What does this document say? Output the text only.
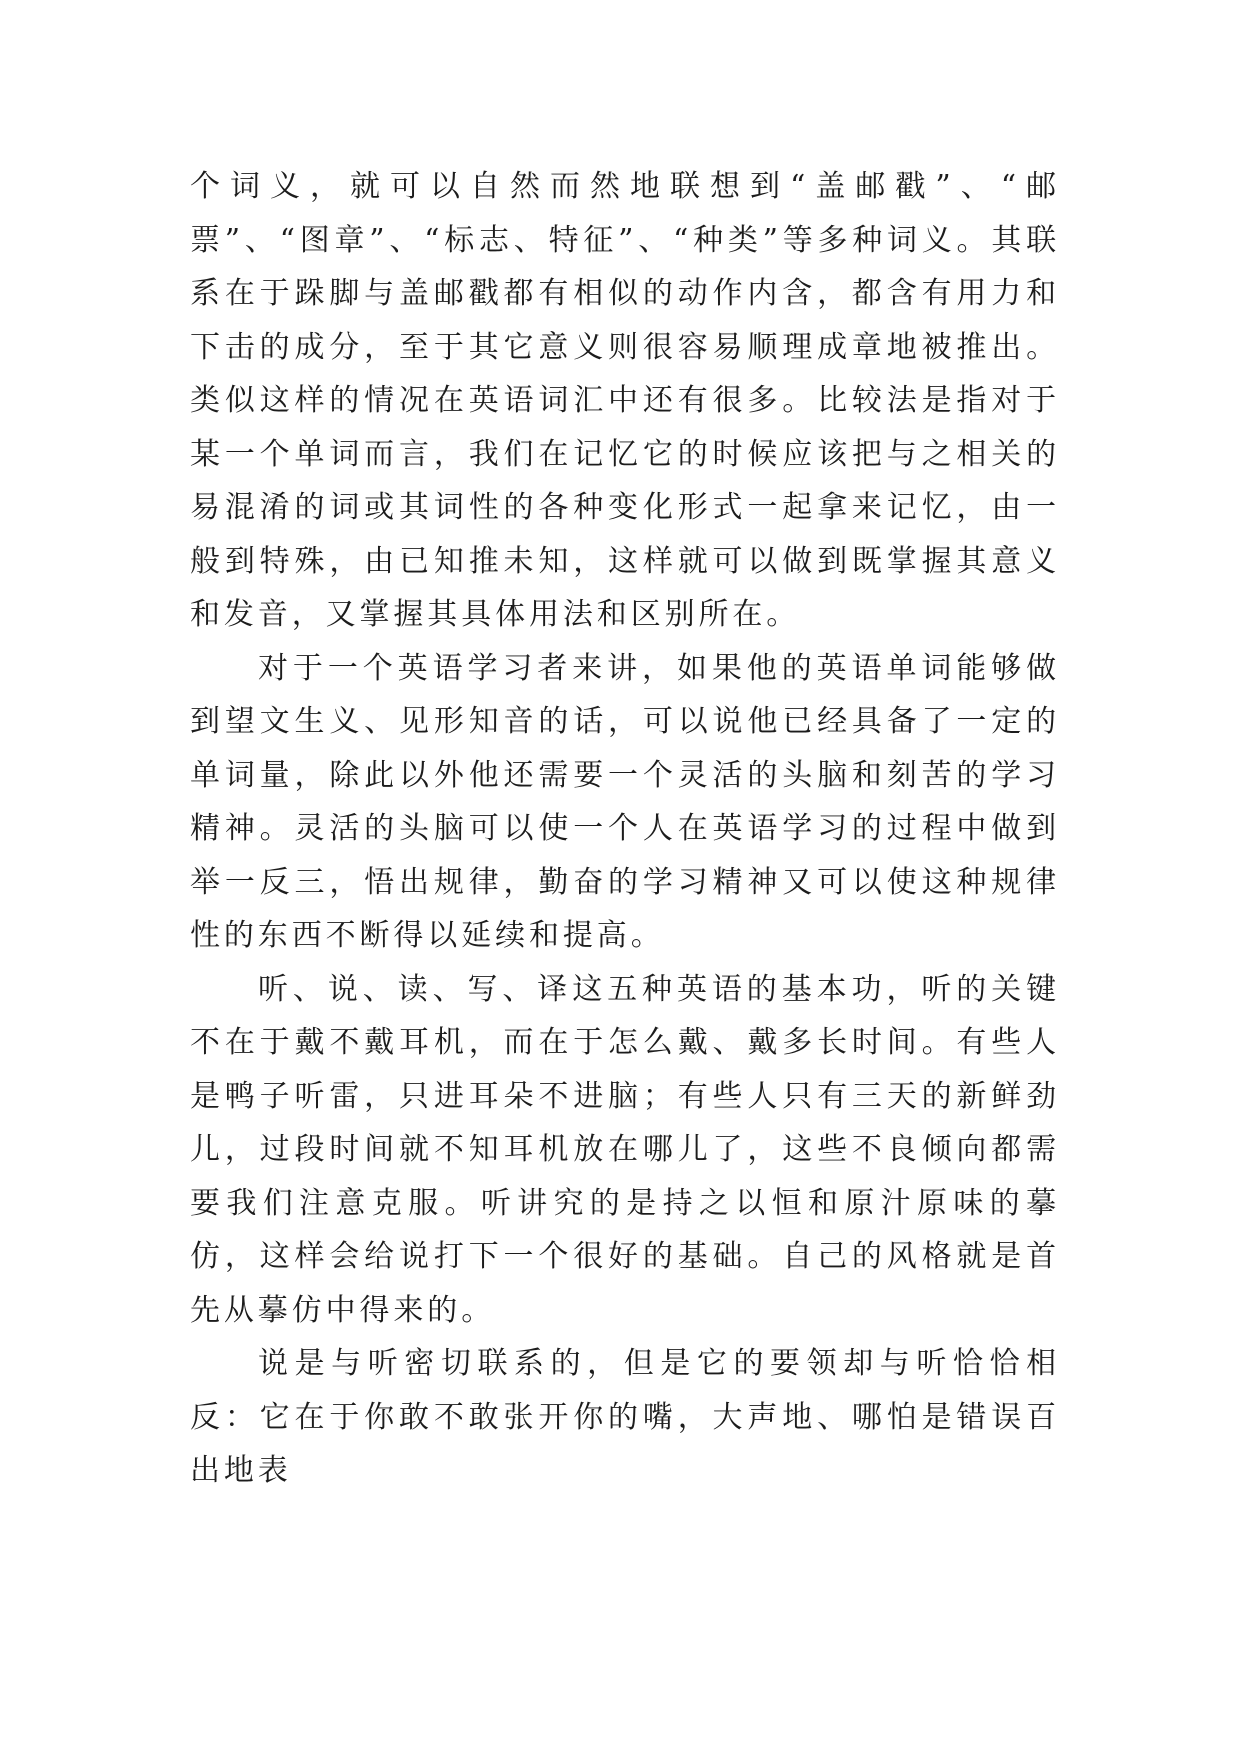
个词义，就可以自然而然地联想到“盖邮戳”、“邮票”、“图章”、“标志、特征”、“种类”等多种词义。其联系在于跺脚与盖邮戳都有相似的动作内含，都含有用力和下击的成分，至于其它意义则很容易顺理成章地被推出。类似这样的情况在英语词汇中还有很多。比较法是指对于某一个单词而言，我们在记忆它的时候应该把与之相关的易混淆的词或其词性的各种变化形式一起拿来记忆，由一般到特殊，由已知推未知，这样就可以做到既掌握其意义和发音，又掌握其具体用法和区别所在。

对于一个英语学习者来讲，如果他的英语单词能够做到望文生义、见形知音的话，可以说他已经具备了一定的单词量，除此以外他还需要一个灵活的头脑和刻苦的学习精神。灵活的头脑可以使一个人在英语学习的过程中做到举一反三，悟出规律，勤奋的学习精神又可以使这种规律性的东西不断得以延续和提高。

听、说、读、写、译这五种英语的基本功，听的关键不在于戴不戴耳机，而在于怎么戴、戴多长时间。有些人是鸭子听雷，只进耳朵不进脑；有些人只有三天的新鲜劲儿，过段时间就不知耳机放在哪儿了，这些不良倾向都需要我们注意克服。听讲究的是持之以恒和原汁原味的摹仿，这样会给说打下一个很好的基础。自己的风格就是首先从摹仿中得来的。

说是与听密切联系的，但是它的要领却与听恰恰相反：它在于你敢不敢张开你的嘴，大声地、哪怕是错误百出地表
